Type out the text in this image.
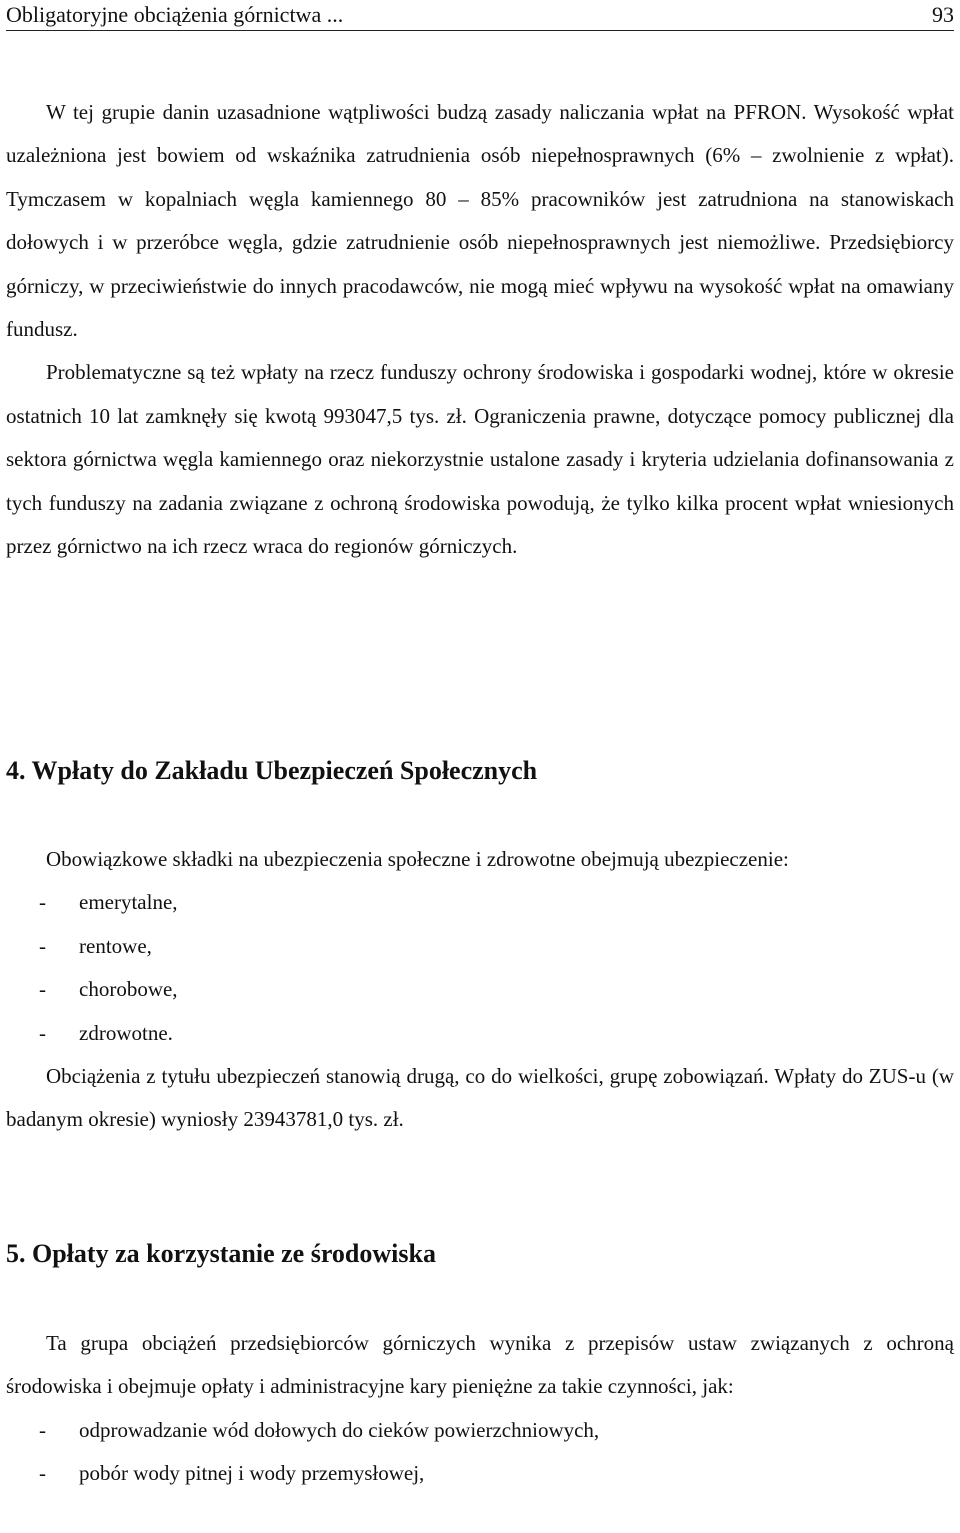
Obligatoryjne obciążenia górnictwa ...	93

W tej grupie danin uzasadnione wątpliwości budzą zasady naliczania wpłat na PFRON. Wysokość wpłat uzależniona jest bowiem od wskaźnika zatrudnienia osób niepełnosprawnych (6% – zwolnienie z wpłat). Tymczasem w kopalniach węgla kamiennego 80 – 85% pracowników jest zatrudniona na stanowiskach dołowych i w przeróbce węgla, gdzie zatrudnienie osób niepełnosprawnych jest niemożliwe. Przedsiębiorcy górniczy, w przeciwieństwie do innych pracodawców, nie mogą mieć wpływu na wysokość wpłat na omawiany fundusz.

Problematyczne są też wpłaty na rzecz funduszy ochrony środowiska i gospodarki wodnej, które w okresie ostatnich 10 lat zamknęły się kwotą 993047,5 tys. zł. Ograniczenia prawne, dotyczące pomocy publicznej dla sektora górnictwa węgla kamiennego oraz niekorzystnie ustalone zasady i kryteria udzielania dofinansowania z tych funduszy na zadania związane z ochroną środowiska powodują, że tylko kilka procent wpłat wniesionych przez górnictwo na ich rzecz wraca do regionów górniczych.

4. Wpłaty do Zakładu Ubezpieczeń Społecznych

Obowiązkowe składki na ubezpieczenia społeczne i zdrowotne obejmują ubezpieczenie:

-	emerytalne,
-	rentowe,
-	chorobowe,
-	zdrowotne.

Obciążenia z tytułu ubezpieczeń stanowią drugą, co do wielkości, grupę zobowiązań. Wpłaty do ZUS-u (w badanym okresie) wyniosły 23943781,0 tys. zł.

5. Opłaty za korzystanie ze środowiska

Ta grupa obciążeń przedsiębiorców górniczych wynika z przepisów ustaw związanych z ochroną środowiska i obejmuje opłaty i administracyjne kary pieniężne za takie czynności, jak:

-	odprowadzanie wód dołowych do cieków powierzchniowych,
-	pobór wody pitnej i wody przemysłowej,
